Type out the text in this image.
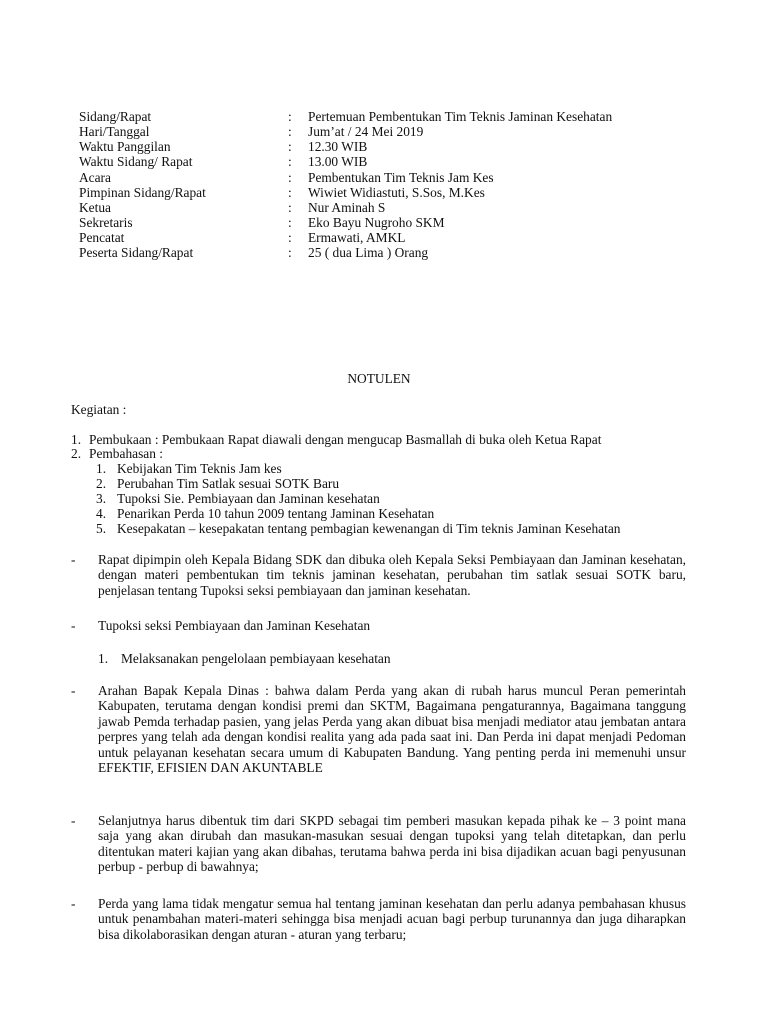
Sidang/Rapat	: Pertemuan Pembentukan Tim Teknis Jaminan Kesehatan
Hari/Tanggal	: Jum’at / 24 Mei 2019
Waktu Panggilan	: 12.30 WIB
Waktu Sidang/ Rapat	: 13.00 WIB
Acara	: Pembentukan Tim Teknis Jam Kes
Pimpinan Sidang/Rapat	: Wiwiet Widiastuti, S.Sos, M.Kes
Ketua	: Nur Aminah S
Sekretaris	: Eko Bayu Nugroho SKM
Pencatat	: Ermawati, AMKL
Peserta Sidang/Rapat	: 25 ( dua Lima ) Orang
NOTULEN
Kegiatan :
1. Pembukaan : Pembukaan Rapat diawali dengan mengucap Basmallah di buka oleh Ketua Rapat
2. Pembahasan :
1. Kebijakan Tim Teknis Jam kes
2. Perubahan Tim Satlak sesuai SOTK Baru
3. Tupoksi Sie. Pembiayaan dan Jaminan kesehatan
4. Penarikan Perda 10 tahun 2009 tentang Jaminan Kesehatan
5. Kesepakatan – kesepakatan tentang pembagian kewenangan di Tim teknis Jaminan Kesehatan
- Rapat dipimpin oleh Kepala Bidang SDK dan dibuka oleh Kepala Seksi Pembiayaan dan Jaminan kesehatan, dengan materi pembentukan tim teknis jaminan kesehatan, perubahan tim satlak sesuai SOTK baru, penjelasan tentang Tupoksi seksi pembiayaan dan jaminan kesehatan.
- Tupoksi seksi Pembiayaan dan Jaminan Kesehatan
1. Melaksanakan pengelolaan pembiayaan kesehatan
- Arahan Bapak Kepala Dinas : bahwa dalam Perda yang akan di rubah harus muncul Peran pemerintah Kabupaten, terutama dengan kondisi premi dan SKTM, Bagaimana pengaturannya, Bagaimana tanggung jawab Pemda terhadap pasien, yang jelas Perda yang akan dibuat bisa menjadi mediator atau jembatan antara perpres yang telah ada dengan kondisi realita yang ada pada saat ini. Dan Perda ini dapat menjadi Pedoman untuk pelayanan kesehatan secara umum di Kabupaten Bandung. Yang penting perda ini memenuhi unsur EFEKTIF, EFISIEN DAN AKUNTABLE
- Selanjutnya harus dibentuk tim dari SKPD sebagai tim pemberi masukan kepada pihak ke – 3 point mana saja yang akan dirubah dan masukan-masukan sesuai dengan tupoksi yang telah ditetapkan, dan perlu ditentukan materi kajian yang akan dibahas, terutama bahwa perda ini bisa dijadikan acuan bagi penyusunan perbup - perbup di bawahnya;
- Perda yang lama tidak mengatur semua hal tentang jaminan kesehatan dan perlu adanya pembahasan khusus untuk penambahan materi-materi sehingga bisa menjadi acuan bagi perbup turunannya dan juga diharapkan bisa dikolaborasikan dengan aturan - aturan yang terbaru;
